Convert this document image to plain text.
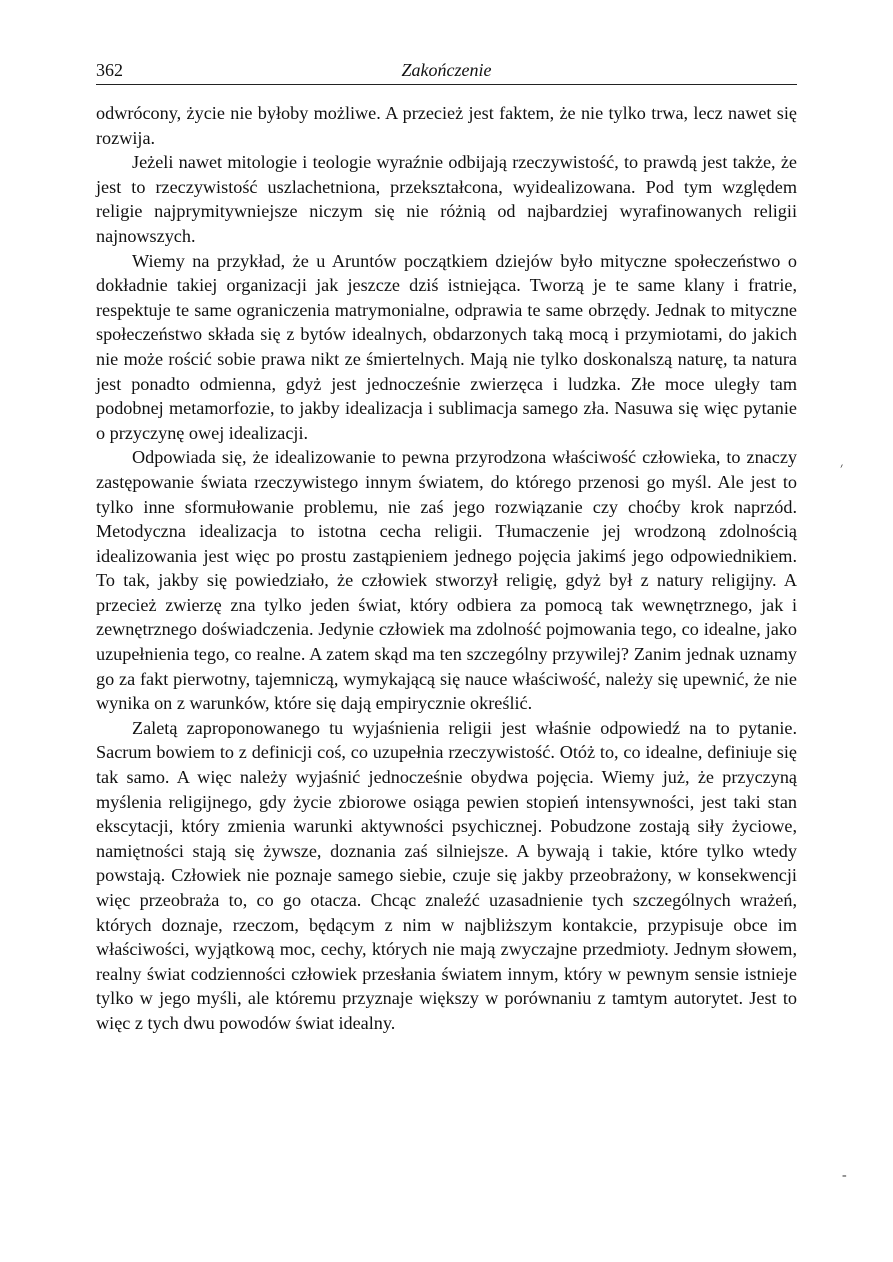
362	Zakończenie

odwrócony, życie nie byłoby możliwe. A przecież jest faktem, że nie tylko trwa, lecz nawet się rozwija.

Jeżeli nawet mitologie i teologie wyraźnie odbijają rzeczywistość, to prawdą jest także, że jest to rzeczywistość uszlachetniona, przekształcona, wyidealizowana. Pod tym względem religie najprymitywniejsze niczym się nie różnią od najbardziej wyrafinowanych religii najnowszych.

Wiemy na przykład, że u Aruntów początkiem dziejów było mityczne społeczeństwo o dokładnie takiej organizacji jak jeszcze dziś istniejąca. Tworzą je te same klany i fratrie, respektuje te same ograniczenia matrymonialne, odprawia te same obrzędy. Jednak to mityczne społeczeństwo składa się z bytów idealnych, obdarzonych taką mocą i przymiotami, do jakich nie może rościć sobie prawa nikt ze śmiertelnych. Mają nie tylko doskonalszą naturę, ta natura jest ponadto odmienna, gdyż jest jednocześnie zwierzęca i ludzka. Złe moce uległy tam podobnej metamorfozie, to jakby idealizacja i sublimacja samego zła. Nasuwa się więc pytanie o przyczynę owej idealizacji.

Odpowiada się, że idealizowanie to pewna przyrodzona właściwość człowieka, to znaczy zastępowanie świata rzeczywistego innym światem, do którego przenosi go myśl. Ale jest to tylko inne sformułowanie problemu, nie zaś jego rozwiązanie czy choćby krok naprzód. Metodyczna idealizacja to istotna cecha religii. Tłumaczenie jej wrodzoną zdolnością idealizowania jest więc po prostu zastąpieniem jednego pojęcia jakimś jego odpowiednikiem. To tak, jakby się powiedziało, że człowiek stworzył religię, gdyż był z natury religijny. A przecież zwierzę zna tylko jeden świat, który odbiera za pomocą tak wewnętrznego, jak i zewnętrznego doświadczenia. Jedynie człowiek ma zdolność pojmowania tego, co idealne, jako uzupełnienia tego, co realne. A zatem skąd ma ten szczególny przywilej? Zanim jednak uznamy go za fakt pierwotny, tajemniczą, wymykającą się nauce właściwość, należy się upewnić, że nie wynika on z warunków, które się dają empirycznie określić.

Zaletą zaproponowanego tu wyjaśnienia religii jest właśnie odpowiedź na to pytanie. Sacrum bowiem to z definicji coś, co uzupełnia rzeczywistość. Otóż to, co idealne, definiuje się tak samo. A więc należy wyjaśnić jednocześnie obydwa pojęcia. Wiemy już, że przyczyną myślenia religijnego, gdy życie zbiorowe osiąga pewien stopień intensywności, jest taki stan ekscytacji, który zmienia warunki aktywności psychicznej. Pobudzone zostają siły życiowe, namiętności stają się żywsze, doznania zaś silniejsze. A bywają i takie, które tylko wtedy powstają. Człowiek nie poznaje samego siebie, czuje się jakby przeobrażony, w konsekwencji więc przeobraża to, co go otacza. Chcąc znaleźć uzasadnienie tych szczególnych wrażeń, których doznaje, rzeczom, będącym z nim w najbliższym kontakcie, przypisuje obce im właściwości, wyjątkową moc, cechy, których nie mają zwyczajne przedmioty. Jednym słowem, realny świat codzienności człowiek przesłania światem innym, który w pewnym sensie istnieje tylko w jego myśli, ale któremu przyznaje większy w porównaniu z tamtym autorytet. Jest to więc z tych dwu powodów świat idealny.

׳
-
